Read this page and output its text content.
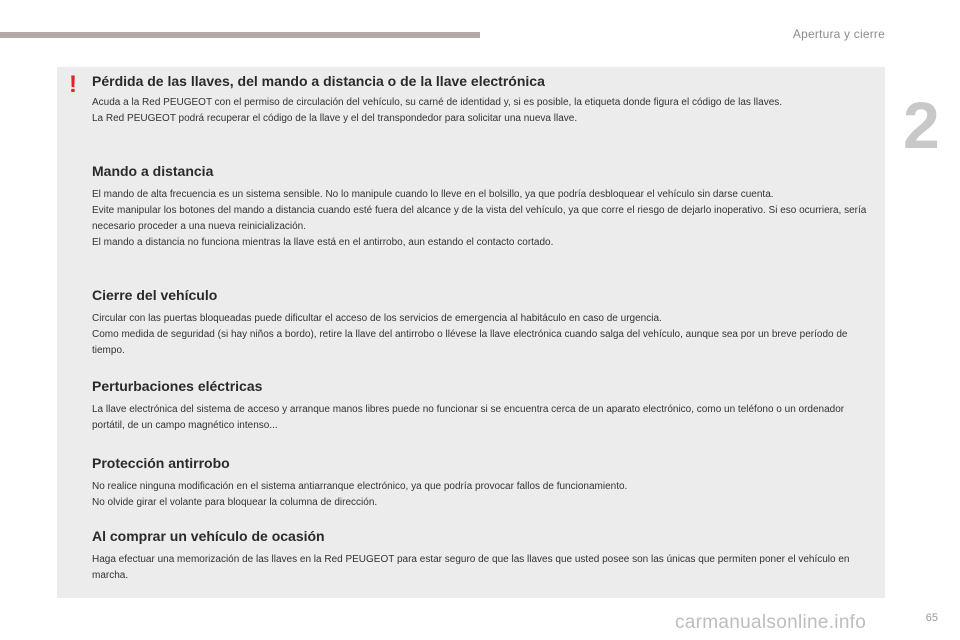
Apertura y cierre
2
! Pérdida de las llaves, del mando a distancia o de la llave electrónica

Acuda a la Red PEUGEOT con el permiso de circulación del vehículo, su carné de identidad y, si es posible, la etiqueta donde figura el código de las llaves.

La Red PEUGEOT podrá recuperar el código de la llave y el del transpondedor para solicitar una nueva llave.

Mando a distancia

El mando de alta frecuencia es un sistema sensible. No lo manipule cuando lo lleve en el bolsillo, ya que podría desbloquear el vehículo sin darse cuenta.

Evite manipular los botones del mando a distancia cuando esté fuera del alcance y de la vista del vehículo, ya que corre el riesgo de dejarlo inoperativo. Si eso ocurriera, sería necesario proceder a una nueva reinicialización.

El mando a distancia no funciona mientras la llave está en el antirrobo, aun estando el contacto cortado.

Cierre del vehículo

Circular con las puertas bloqueadas puede dificultar el acceso de los servicios de emergencia al habitáculo en caso de urgencia.

Como medida de seguridad (si hay niños a bordo), retire la llave del antirrobo o llévese la llave electrónica cuando salga del vehículo, aunque sea por un breve período de tiempo.

Perturbaciones eléctricas

La llave electrónica del sistema de acceso y arranque manos libres puede no funcionar si se encuentra cerca de un aparato electrónico, como un teléfono o un ordenador portátil, de un campo magnético intenso...

Protección antirrobo

No realice ninguna modificación en el sistema antiarranque electrónico, ya que podría provocar fallos de funcionamiento.

No olvide girar el volante para bloquear la columna de dirección.

Al comprar un vehículo de ocasión

Haga efectuar una memorización de las llaves en la Red PEUGEOT para estar seguro de que las llaves que usted posee son las únicas que permiten poner el vehículo en marcha.

carmanualsonline.info	65
